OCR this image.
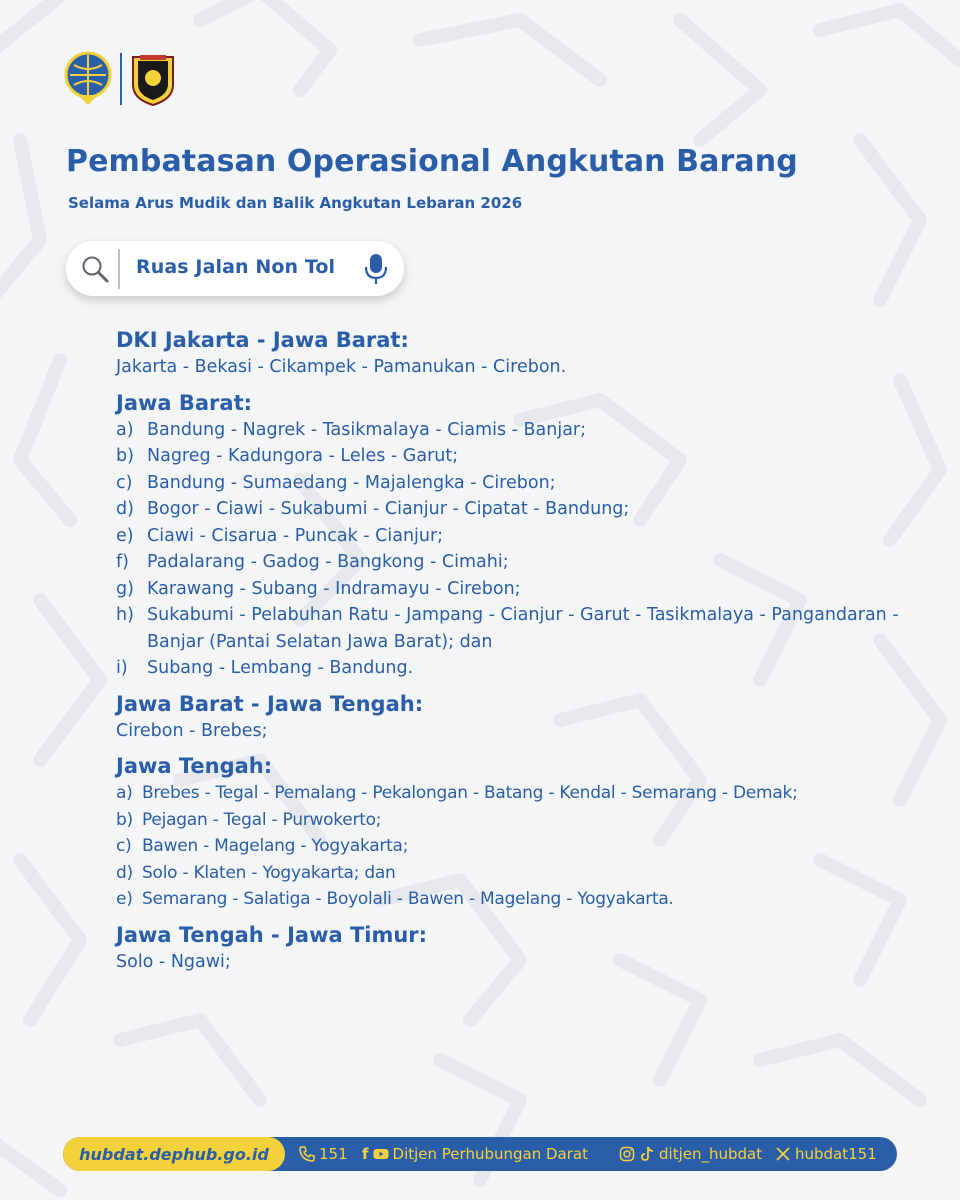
Pembatasan Operasional Angkutan Barang

Selama Arus Mudik dan Balik Angkutan Lebaran 2026

Ruas Jalan Non Tol

DKI Jakarta - Jawa Barat:

Jakarta - Bekasi - Cikampek - Pamanukan - Cirebon.

Jawa Barat:

a) Bandung - Nagrek - Tasikmalaya - Ciamis - Banjar;
b) Nagreg - Kadungora - Leles - Garut;
c) Bandung - Sumaedang - Majalengka - Cirebon;
d) Bogor - Ciawi - Sukabumi - Cianjur - Cipatat - Bandung;
e) Ciawi - Cisarua - Puncak - Cianjur;
f)	Padalarang - Gadog - Bangkong - Cimahi;
g) Karawang - Subang - Indramayu - Cirebon;
h) Sukabumi - Pelabuhan Ratu - Jampang - Cianjur - Garut - Tasikmalaya - Pangandaran - Banjar (Pantai Selatan Jawa Barat); dan
i)	Subang - Lembang - Bandung.

Jawa Barat - Jawa Tengah:

Cirebon - Brebes;

Jawa Tengah:

a) Brebes - Tegal - Pemalang - Pekalongan - Batang - Kendal - Semarang - Demak;
b) Pejagan - Tegal - Purwokerto;
c) Bawen - Magelang - Yogyakarta;
d) Solo - Klaten - Yogyakarta; dan
e) Semarang - Salatiga - Boyolali - Bawen - Magelang - Yogyakarta.

Jawa Tengah - Jawa Timur:

Solo - Ngawi;

hubdat.dephub.go.id	151 f Ditjen Perhubungan Darat	ditjen_hubdat hubdat151
